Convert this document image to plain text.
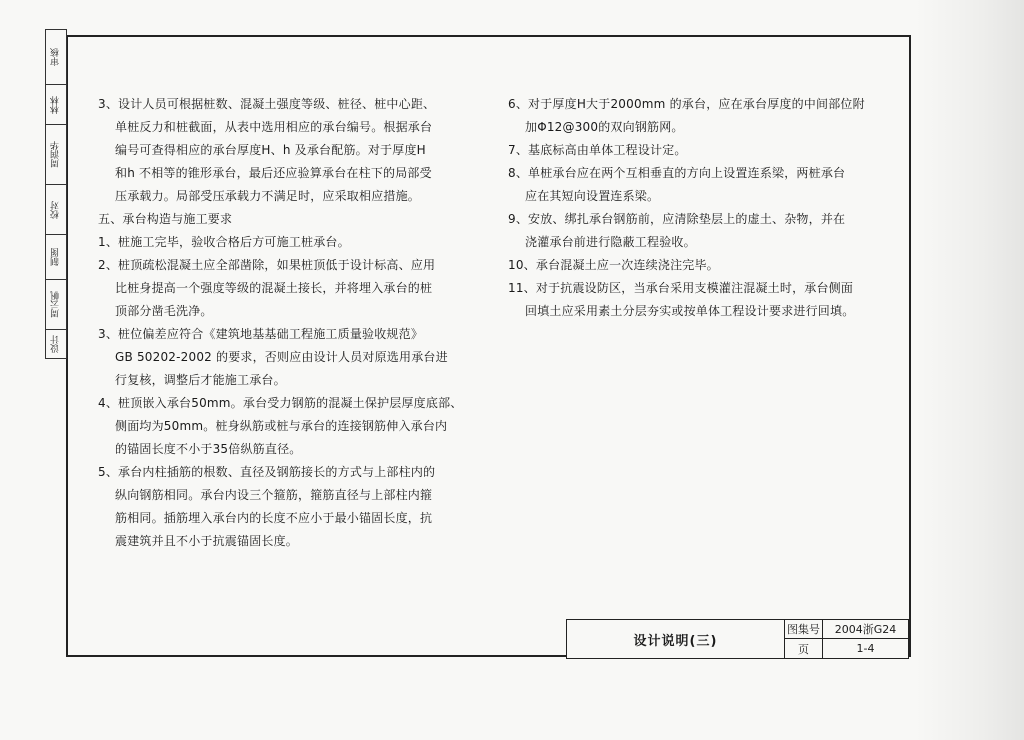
审核
林林
周润华
校对
制图
周云帆
设计

3、设计人员可根据桩数、混凝土强度等级、桩径、桩中心距、

单桩反力和桩截面，从表中选用相应的承台编号。根据承台

编号可查得相应的承台厚度H、h 及承台配筋。对于厚度H

和h 不相等的锥形承台，最后还应验算承台在柱下的局部受

压承载力。局部受压承载力不满足时，应采取相应措施。

五、承台构造与施工要求

1、桩施工完毕，验收合格后方可施工桩承台。

2、桩顶疏松混凝土应全部凿除，如果桩顶低于设计标高、应用

比桩身提高一个强度等级的混凝土接长，并将埋入承台的桩

顶部分凿毛洗净。

3、桩位偏差应符合《建筑地基基础工程施工质量验收规范》

GB 50202-2002 的要求，否则应由设计人员对原选用承台进

行复核，调整后才能施工承台。

4、桩顶嵌入承台50mm。承台受力钢筋的混凝土保护层厚度底部、

侧面均为50mm。桩身纵筋或桩与承台的连接钢筋伸入承台内

的锚固长度不小于35倍纵筋直径。

5、承台内柱插筋的根数、直径及钢筋接长的方式与上部柱内的

纵向钢筋相同。承台内设三个箍筋，箍筋直径与上部柱内箍

筋相同。插筋埋入承台内的长度不应小于最小锚固长度，抗

震建筑并且不小于抗震锚固长度。

6、对于厚度H大于2000mm 的承台，应在承台厚度的中间部位附

加Φ12@300的双向钢筋网。

7、基底标高由单体工程设计定。

8、单桩承台应在两个互相垂直的方向上设置连系梁，两桩承台

应在其短向设置连系梁。

9、安放、绑扎承台钢筋前，应清除垫层上的虚土、杂物，并在

浇灌承台前进行隐蔽工程验收。

10、承台混凝土应一次连续浇注完毕。

11、对于抗震设防区，当承台采用支模灌注混凝土时，承台侧面

回填土应采用素土分层夯实或按单体工程设计要求进行回填。

设计说明(三)
图集号	2004浙G24
页	1-4
